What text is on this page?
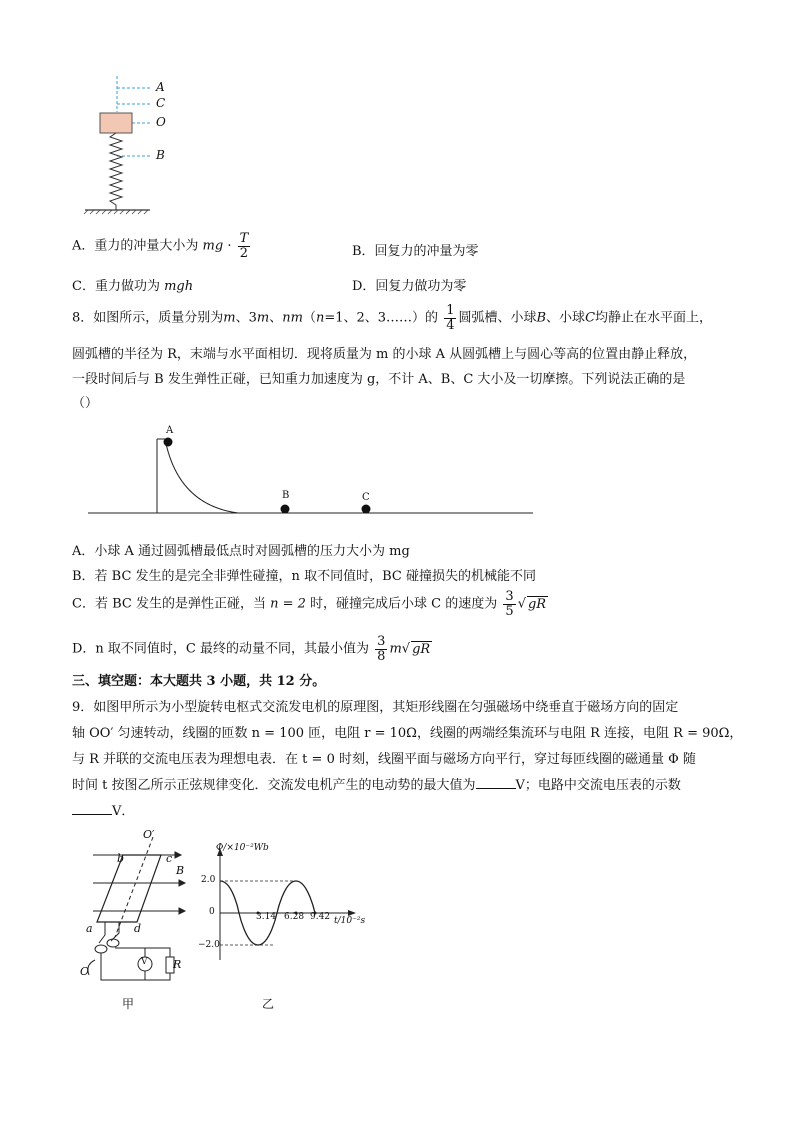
A
C
O
B
A．重力的冲量大小为 mg · $\frac{T}{2}$	B．回复力的冲量为零
C．重力做功为 mgh	D．回复力做功为零
8．如图所示，质量分别为m、3m、nm（n=1、2、3……）的 $\frac{1}{4}$ 圆弧槽、小球B、小球C均静止在水平面上，
圆弧槽的半径为 R，末端与水平面相切．现将质量为 m 的小球 A 从圆弧槽上与圆心等高的位置由静止释放，
一段时间后与 B 发生弹性正碰，已知重力加速度为 g，不计 A、B、C 大小及一切摩擦。下列说法正确的是
（）
A
B	C
A．小球 A 通过圆弧槽最低点时对圆弧槽的压力大小为 mg
B．若 BC 发生的是完全非弹性碰撞，n 取不同值时，BC 碰撞损失的机械能不同
C．若 BC 发生的是弹性正碰，当 n = 2 时，碰撞完成后小球 C 的速度为 $\frac{3}{5}$ √ gR
D．n 取不同值时，C 最终的动量不同，其最小值为 $\frac{3}{8} m√$ gR
三、填空题：本大题共 3 小题，共 12 分。
9．如图甲所示为小型旋转电枢式交流发电机的原理图，其矩形线圈在匀强磁场中绕垂直于磁场方向的固定
轴 OO′ 匀速转动，线圈的匝数 n = 100 匝，电阻 r = 10Ω，线圈的两端经集流环与电阻 R 连接，电阻 R = 90Ω，
与 R 并联的交流电压表为理想电表．在 t = 0 时刻，线圈平面与磁场方向平行，穿过每匝线圈的磁通量 Φ 随
时间 t 按图乙所示正弦规律变化．交流发电机产生的电动势的最大值为	V；电路中交流电压表的示数
V．
O′
b	c
B
a	d
O
V R
甲
Φ/×10⁻²Wb
2.0
0
−2.0
3.14 6.28 9.42 t/10⁻²s
乙
